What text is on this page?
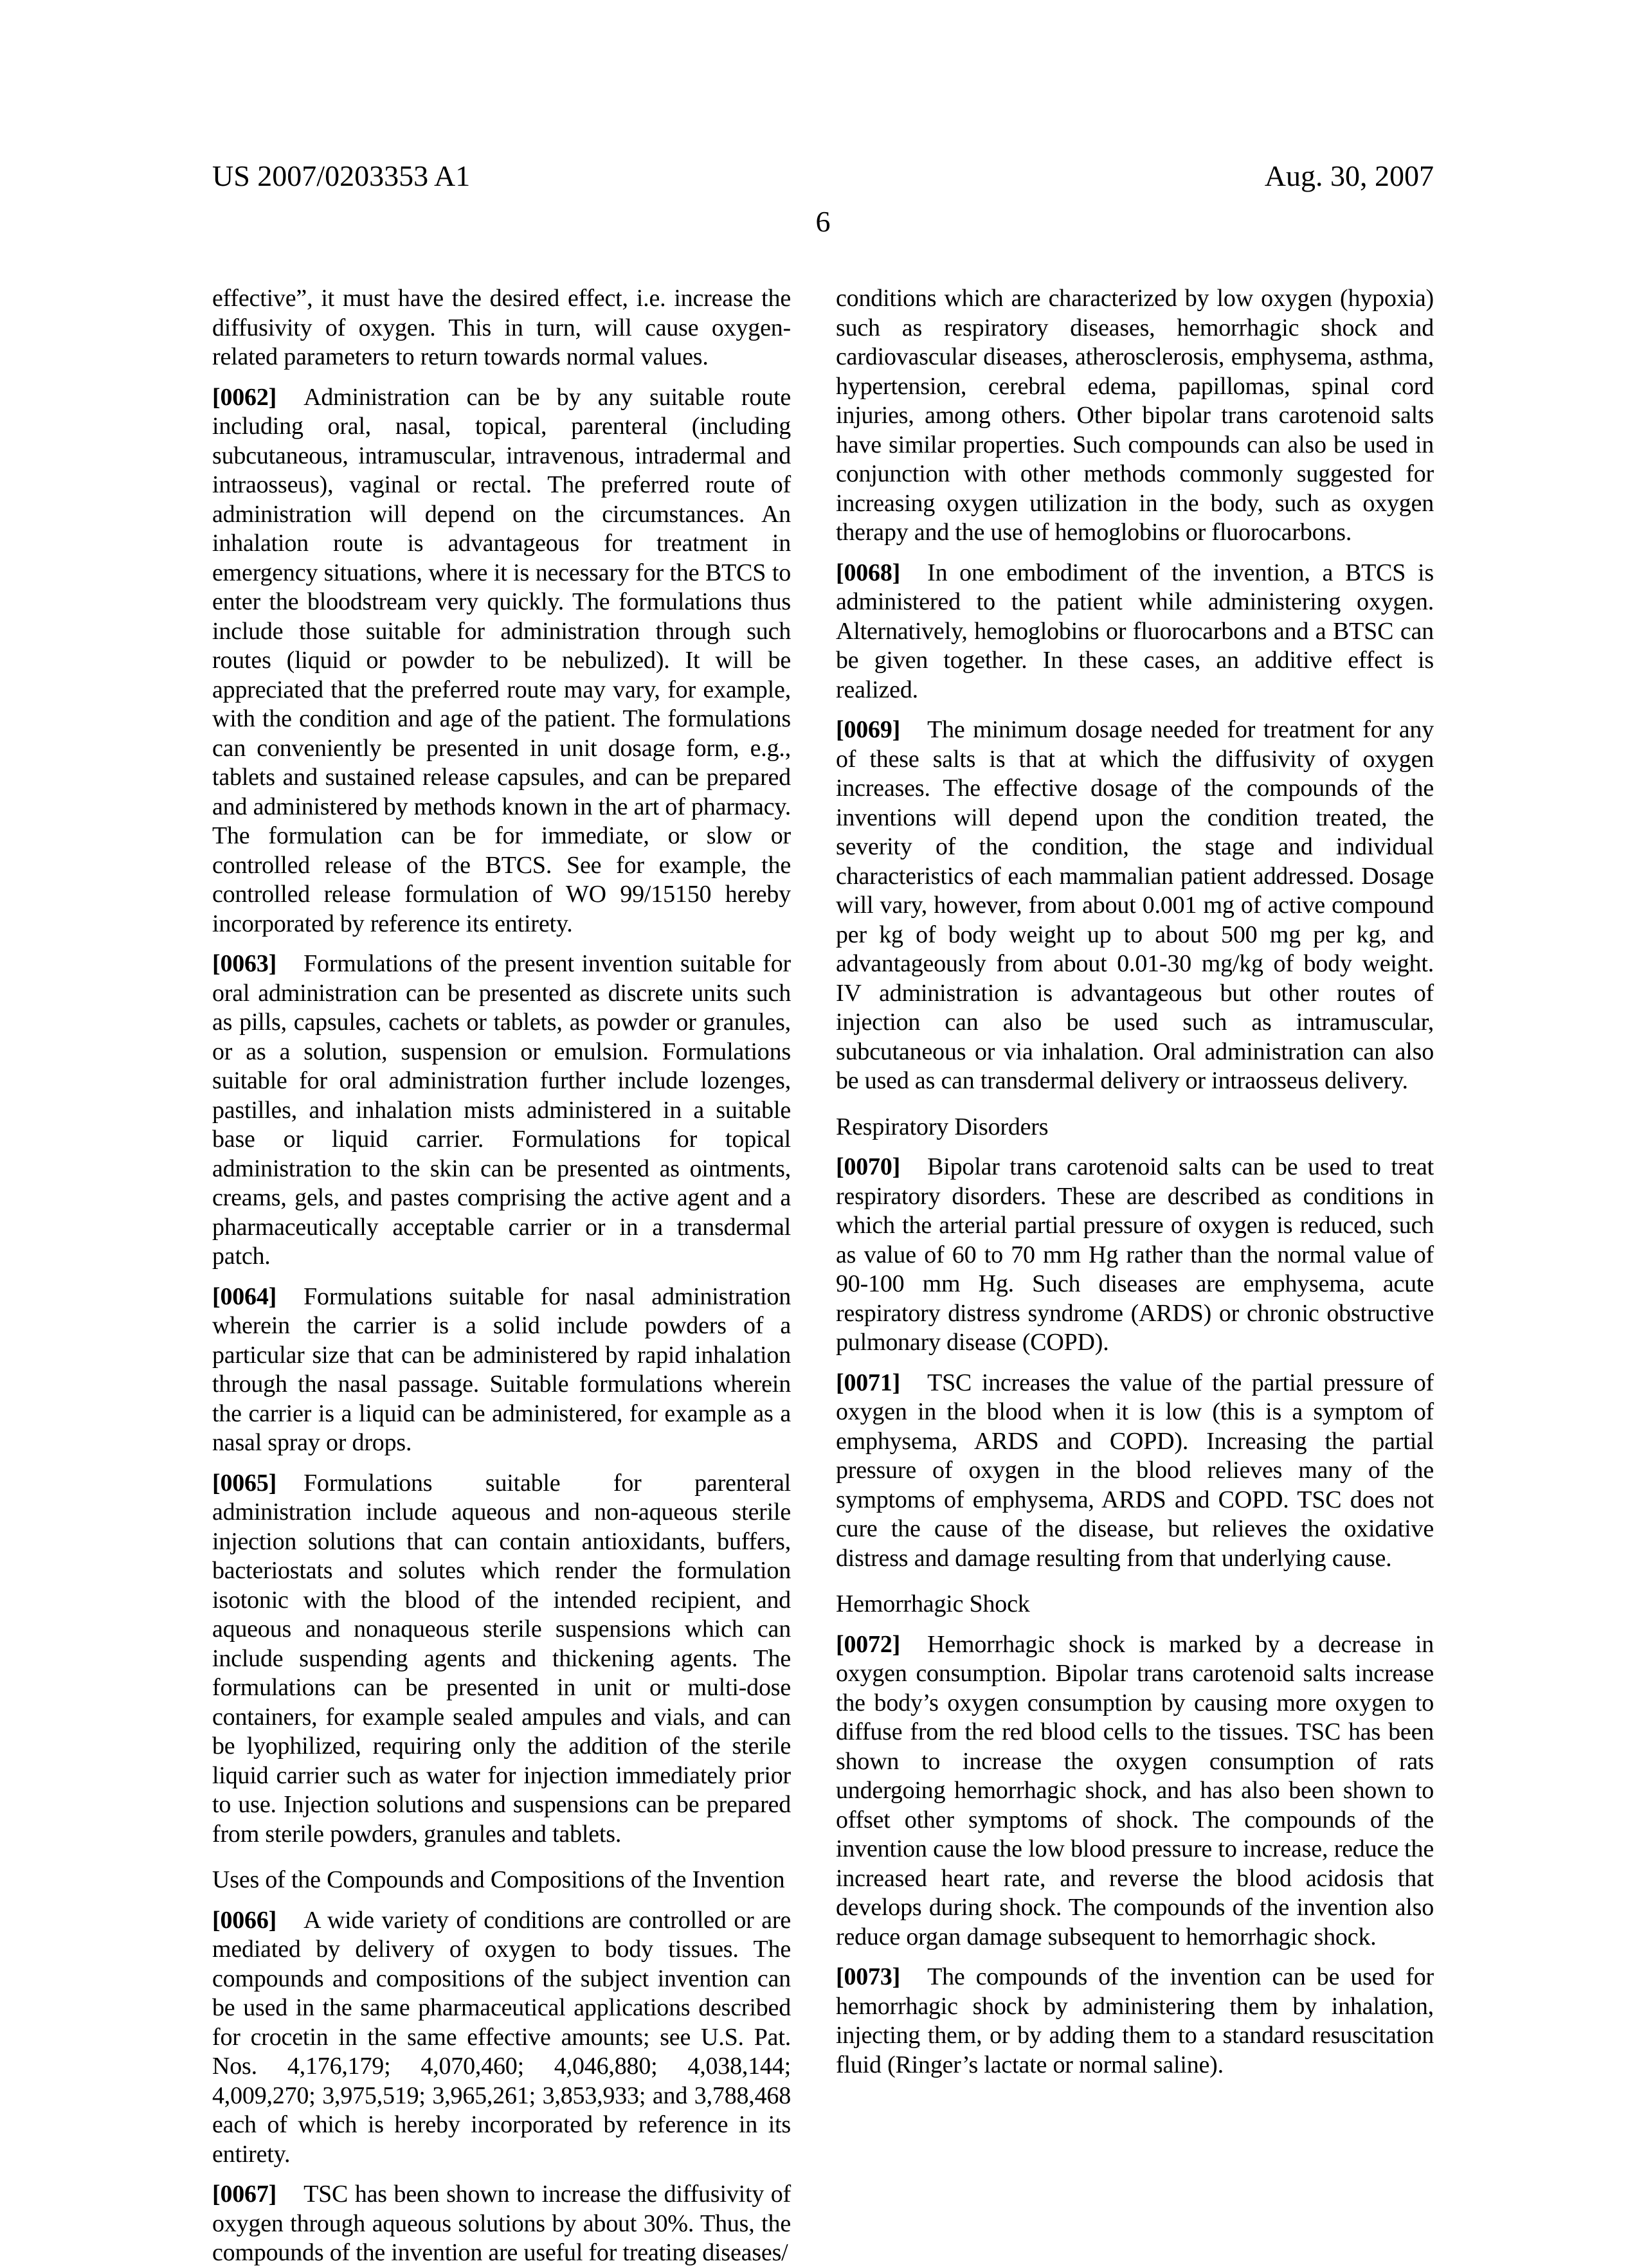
US 2007/0203353 A1	Aug. 30, 2007
6

effective”, it must have the desired effect, i.e. increase the diffusivity of oxygen. This in turn, will cause oxygen-related parameters to return towards normal values.

[0062] Administration can be by any suitable route including oral, nasal, topical, parenteral (including subcutaneous, intramuscular, intravenous, intradermal and intraosseus), vaginal or rectal. The preferred route of administration will depend on the circumstances. An inhalation route is advantageous for treatment in emergency situations, where it is necessary for the BTCS to enter the bloodstream very quickly. The formulations thus include those suitable for administration through such routes (liquid or powder to be nebulized). It will be appreciated that the preferred route may vary, for example, with the condition and age of the patient. The formulations can conveniently be presented in unit dosage form, e.g., tablets and sustained release capsules, and can be prepared and administered by methods known in the art of pharmacy. The formulation can be for immediate, or slow or controlled release of the BTCS. See for example, the controlled release formulation of WO 99/15150 hereby incorporated by reference its entirety.

[0063] Formulations of the present invention suitable for oral administration can be presented as discrete units such as pills, capsules, cachets or tablets, as powder or granules, or as a solution, suspension or emulsion. Formulations suitable for oral administration further include lozenges, pastilles, and inhalation mists administered in a suitable base or liquid carrier. Formulations for topical administration to the skin can be presented as ointments, creams, gels, and pastes comprising the active agent and a pharmaceutically acceptable carrier or in a transdermal patch.

[0064] Formulations suitable for nasal administration wherein the carrier is a solid include powders of a particular size that can be administered by rapid inhalation through the nasal passage. Suitable formulations wherein the carrier is a liquid can be administered, for example as a nasal spray or drops.

[0065] Formulations suitable for parenteral administration include aqueous and non-aqueous sterile injection solutions that can contain antioxidants, buffers, bacteriostats and solutes which render the formulation isotonic with the blood of the intended recipient, and aqueous and nonaqueous sterile suspensions which can include suspending agents and thickening agents. The formulations can be presented in unit or multi-dose containers, for example sealed ampules and vials, and can be lyophilized, requiring only the addition of the sterile liquid carrier such as water for injection immediately prior to use. Injection solutions and suspensions can be prepared from sterile powders, granules and tablets.

Uses of the Compounds and Compositions of the Invention

[0066] A wide variety of conditions are controlled or are mediated by delivery of oxygen to body tissues. The compounds and compositions of the subject invention can be used in the same pharmaceutical applications described for crocetin in the same effective amounts; see U.S. Pat. Nos. 4,176,179; 4,070,460; 4,046,880; 4,038,144; 4,009,270; 3,975,519; 3,965,261; 3,853,933; and 3,788,468 each of which is hereby incorporated by reference in its entirety.

[0067] TSC has been shown to increase the diffusivity of oxygen through aqueous solutions by about 30%. Thus, the compounds of the invention are useful for treating diseases/

conditions which are characterized by low oxygen (hypoxia) such as respiratory diseases, hemorrhagic shock and cardiovascular diseases, atherosclerosis, emphysema, asthma, hypertension, cerebral edema, papillomas, spinal cord injuries, among others. Other bipolar trans carotenoid salts have similar properties. Such compounds can also be used in conjunction with other methods commonly suggested for increasing oxygen utilization in the body, such as oxygen therapy and the use of hemoglobins or fluorocarbons.

[0068] In one embodiment of the invention, a BTCS is administered to the patient while administering oxygen. Alternatively, hemoglobins or fluorocarbons and a BTSC can be given together. In these cases, an additive effect is realized.

[0069] The minimum dosage needed for treatment for any of these salts is that at which the diffusivity of oxygen increases. The effective dosage of the compounds of the inventions will depend upon the condition treated, the severity of the condition, the stage and individual characteristics of each mammalian patient addressed. Dosage will vary, however, from about 0.001 mg of active compound per kg of body weight up to about 500 mg per kg, and advantageously from about 0.01-30 mg/kg of body weight. IV administration is advantageous but other routes of injection can also be used such as intramuscular, subcutaneous or via inhalation. Oral administration can also be used as can transdermal delivery or intraosseus delivery.

Respiratory Disorders

[0070] Bipolar trans carotenoid salts can be used to treat respiratory disorders. These are described as conditions in which the arterial partial pressure of oxygen is reduced, such as value of 60 to 70 mm Hg rather than the normal value of 90-100 mm Hg. Such diseases are emphysema, acute respiratory distress syndrome (ARDS) or chronic obstructive pulmonary disease (COPD).

[0071] TSC increases the value of the partial pressure of oxygen in the blood when it is low (this is a symptom of emphysema, ARDS and COPD). Increasing the partial pressure of oxygen in the blood relieves many of the symptoms of emphysema, ARDS and COPD. TSC does not cure the cause of the disease, but relieves the oxidative distress and damage resulting from that underlying cause.

Hemorrhagic Shock

[0072] Hemorrhagic shock is marked by a decrease in oxygen consumption. Bipolar trans carotenoid salts increase the body’s oxygen consumption by causing more oxygen to diffuse from the red blood cells to the tissues. TSC has been shown to increase the oxygen consumption of rats undergoing hemorrhagic shock, and has also been shown to offset other symptoms of shock. The compounds of the invention cause the low blood pressure to increase, reduce the increased heart rate, and reverse the blood acidosis that develops during shock. The compounds of the invention also reduce organ damage subsequent to hemorrhagic shock.

[0073] The compounds of the invention can be used for hemorrhagic shock by administering them by inhalation, injecting them, or by adding them to a standard resuscitation fluid (Ringer’s lactate or normal saline).
